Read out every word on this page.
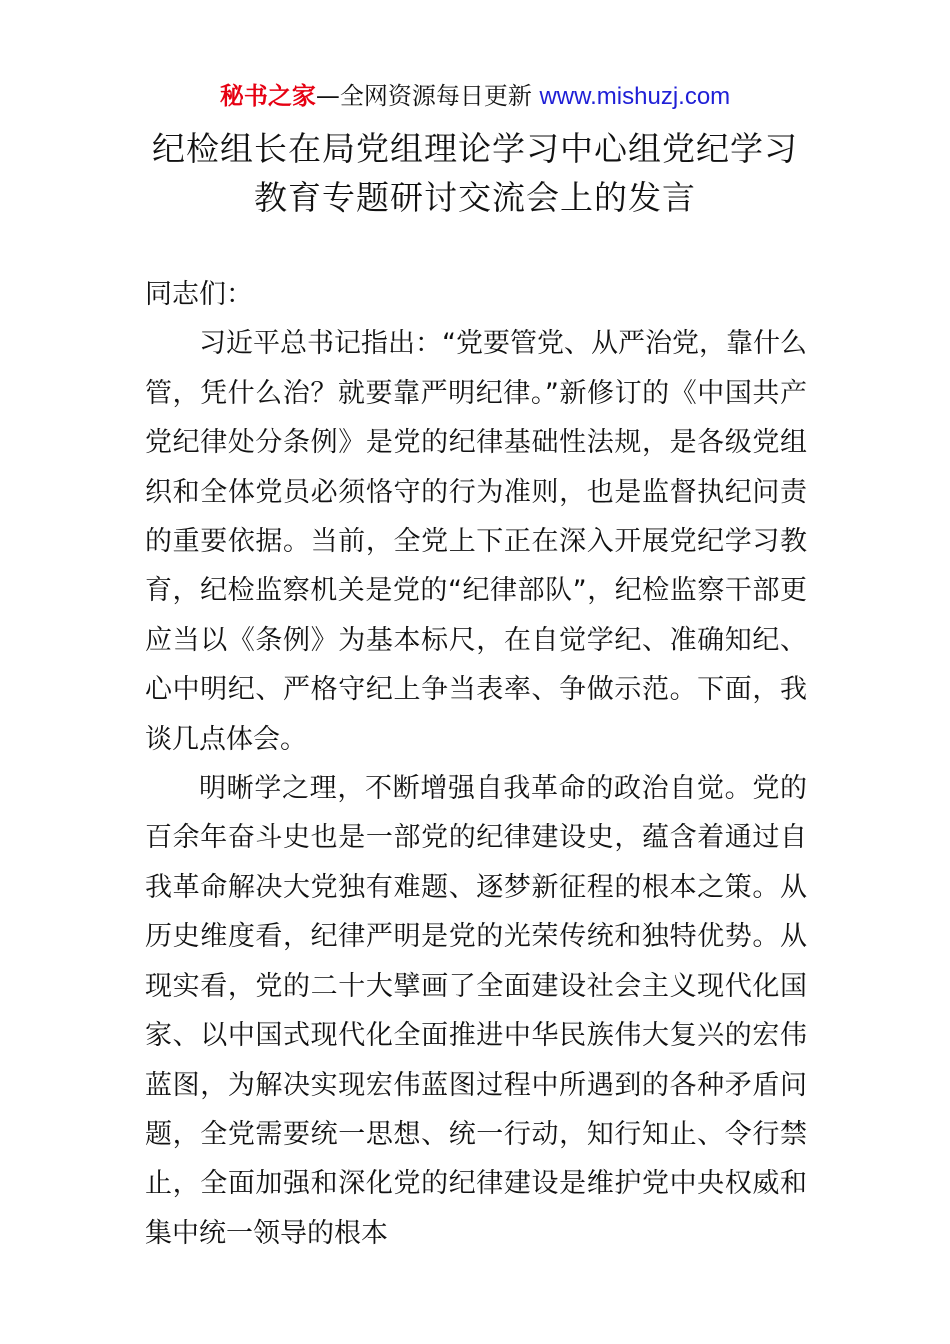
秘书之家—全网资源每日更新 www.mishuzj.com
纪检组长在局党组理论学习中心组党纪学习
教育专题研讨交流会上的发言

同志们：

习近平总书记指出：“党要管党、从严治党，靠什么管，凭什么治？就要靠严明纪律。”新修订的《中国共产党纪律处分条例》是党的纪律基础性法规，是各级党组织和全体党员必须恪守的行为准则，也是监督执纪问责的重要依据。当前，全党上下正在深入开展党纪学习教育，纪检监察机关是党的“纪律部队”，纪检监察干部更应当以《条例》为基本标尺，在自觉学纪、准确知纪、心中明纪、严格守纪上争当表率、争做示范。下面，我谈几点体会。

明晰学之理，不断增强自我革命的政治自觉。党的百余年奋斗史也是一部党的纪律建设史，蕴含着通过自我革命解决大党独有难题、逐梦新征程的根本之策。从历史维度看，纪律严明是党的光荣传统和独特优势。从现实看，党的二十大擘画了全面建设社会主义现代化国家、以中国式现代化全面推进中华民族伟大复兴的宏伟蓝图，为解决实现宏伟蓝图过程中所遇到的各种矛盾问题，全党需要统一思想、统一行动，知行知止、令行禁止，全面加强和深化党的纪律建设是维护党中央权威和集中统一领导的根本
